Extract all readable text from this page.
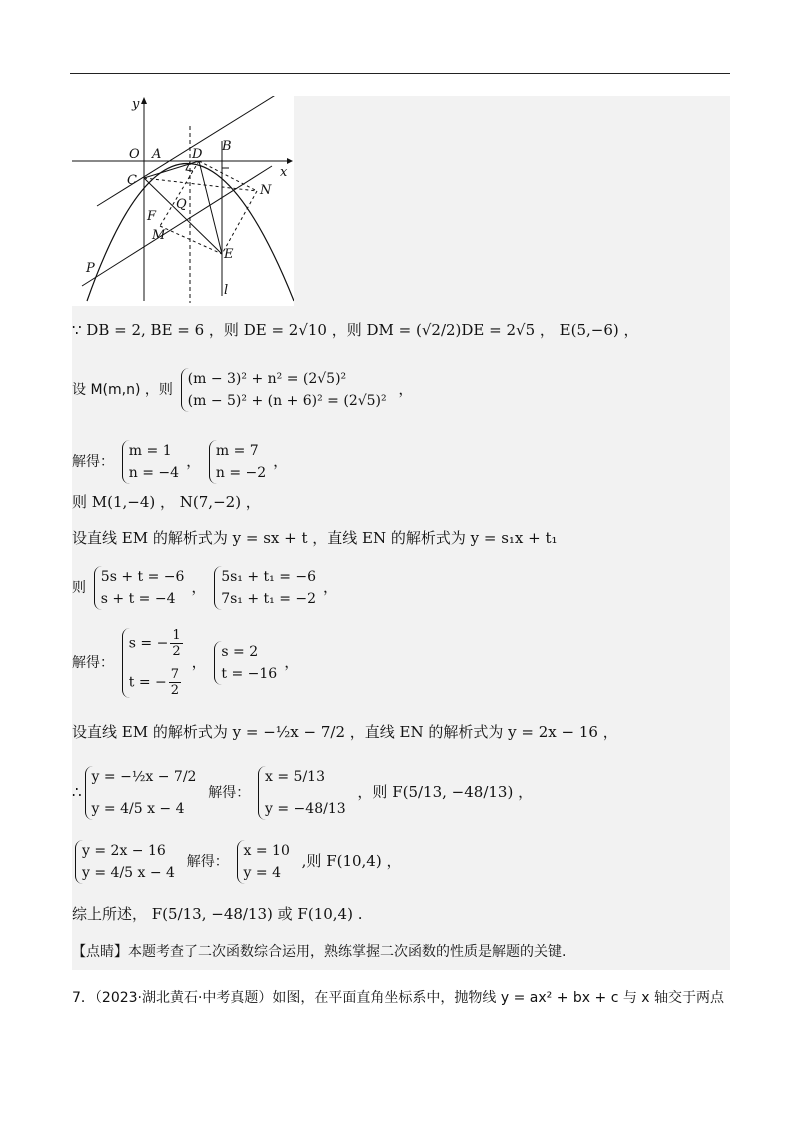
y
x
O A D
B
C
N
Q
F
M
E
P
l
∵ DB = 2, BE = 6 ，则 DE = 2√10 ，则 DM = (√2/2)DE = 2√5 ， E(5,−6) ，
设 M(m,n) ，则
(m − 3)² + n² = (2√5)²
(m − 5)² + (n + 6)² = (2√5)²
，
解得：
m = 1
n = −4
，
m = 7
n = −2
，
则 M(1,−4) ， N(7,−2) ，
设直线 EM 的解析式为 y = sx + t ，直线 EN 的解析式为 y = s₁x + t₁
则
5s + t = −6
s + t = −4
，
5s₁ + t₁ = −6
7s₁ + t₁ = −2
，
解得：
s = − $\frac{1}{2}$
t = − $\frac{7}{2}$
，
s = 2
t = −16
，
设直线 EM 的解析式为 y = −½x − 7/2 ，直线 EN 的解析式为 y = 2x − 16 ，
∴
y = −½x − 7/2
y = 4/5 x − 4
解得：
x = 5/13
y = −48/13
，则 F(5/13, −48/13) ，
y = 2x − 16
y = 4/5 x − 4
解得：
x = 10
y = 4
,则 F(10,4) ，
综上所述， F(5/13, −48/13) 或 F(10,4) .
【点睛】本题考查了二次函数综合运用，熟练掌握二次函数的性质是解题的关键.
7．（2023·湖北黄石·中考真题）如图，在平面直角坐标系中，抛物线 y = ax² + bx + c 与 x 轴交于两点
